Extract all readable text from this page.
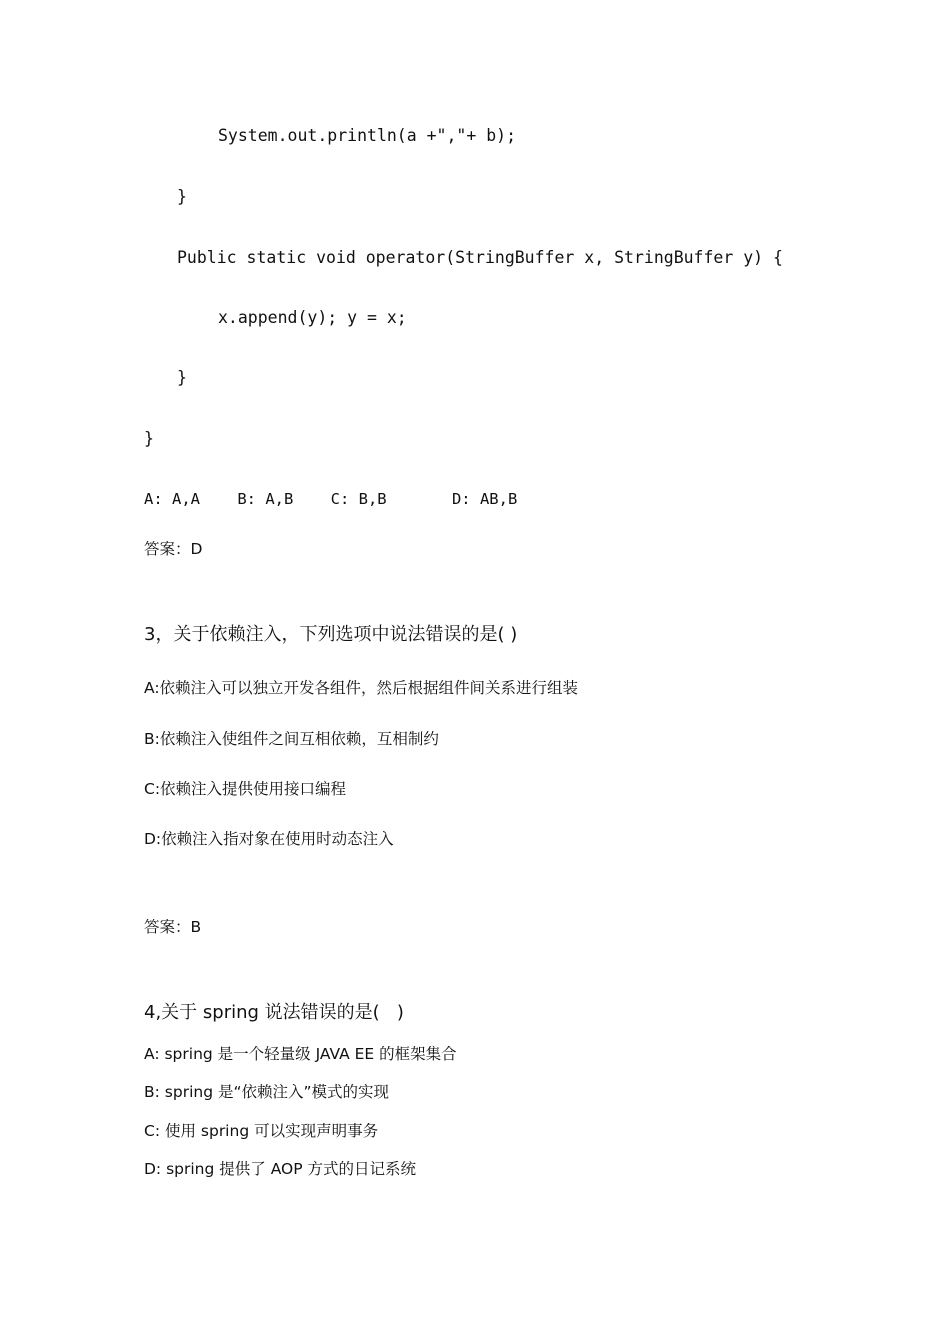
System.out.println(a +","+ b);

}

Public static void operator(StringBuffer x, StringBuffer y) {

x.append(y); y = x;

}

}

A: A,A    B: A,B    C: B,B       D: AB,B

答案：D

3，关于依赖注入，下列选项中说法错误的是( )

A:依赖注入可以独立开发各组件，然后根据组件间关系进行组装

B:依赖注入使组件之间互相依赖，互相制约

C:依赖注入提供使用接口编程

D:依赖注入指对象在使用时动态注入

答案：B

4,关于 spring 说法错误的是(   )

A: spring 是一个轻量级 JAVA EE 的框架集合

B: spring 是“依赖注入”模式的实现

C: 使用 spring 可以实现声明事务

D: spring 提供了 AOP 方式的日记系统
